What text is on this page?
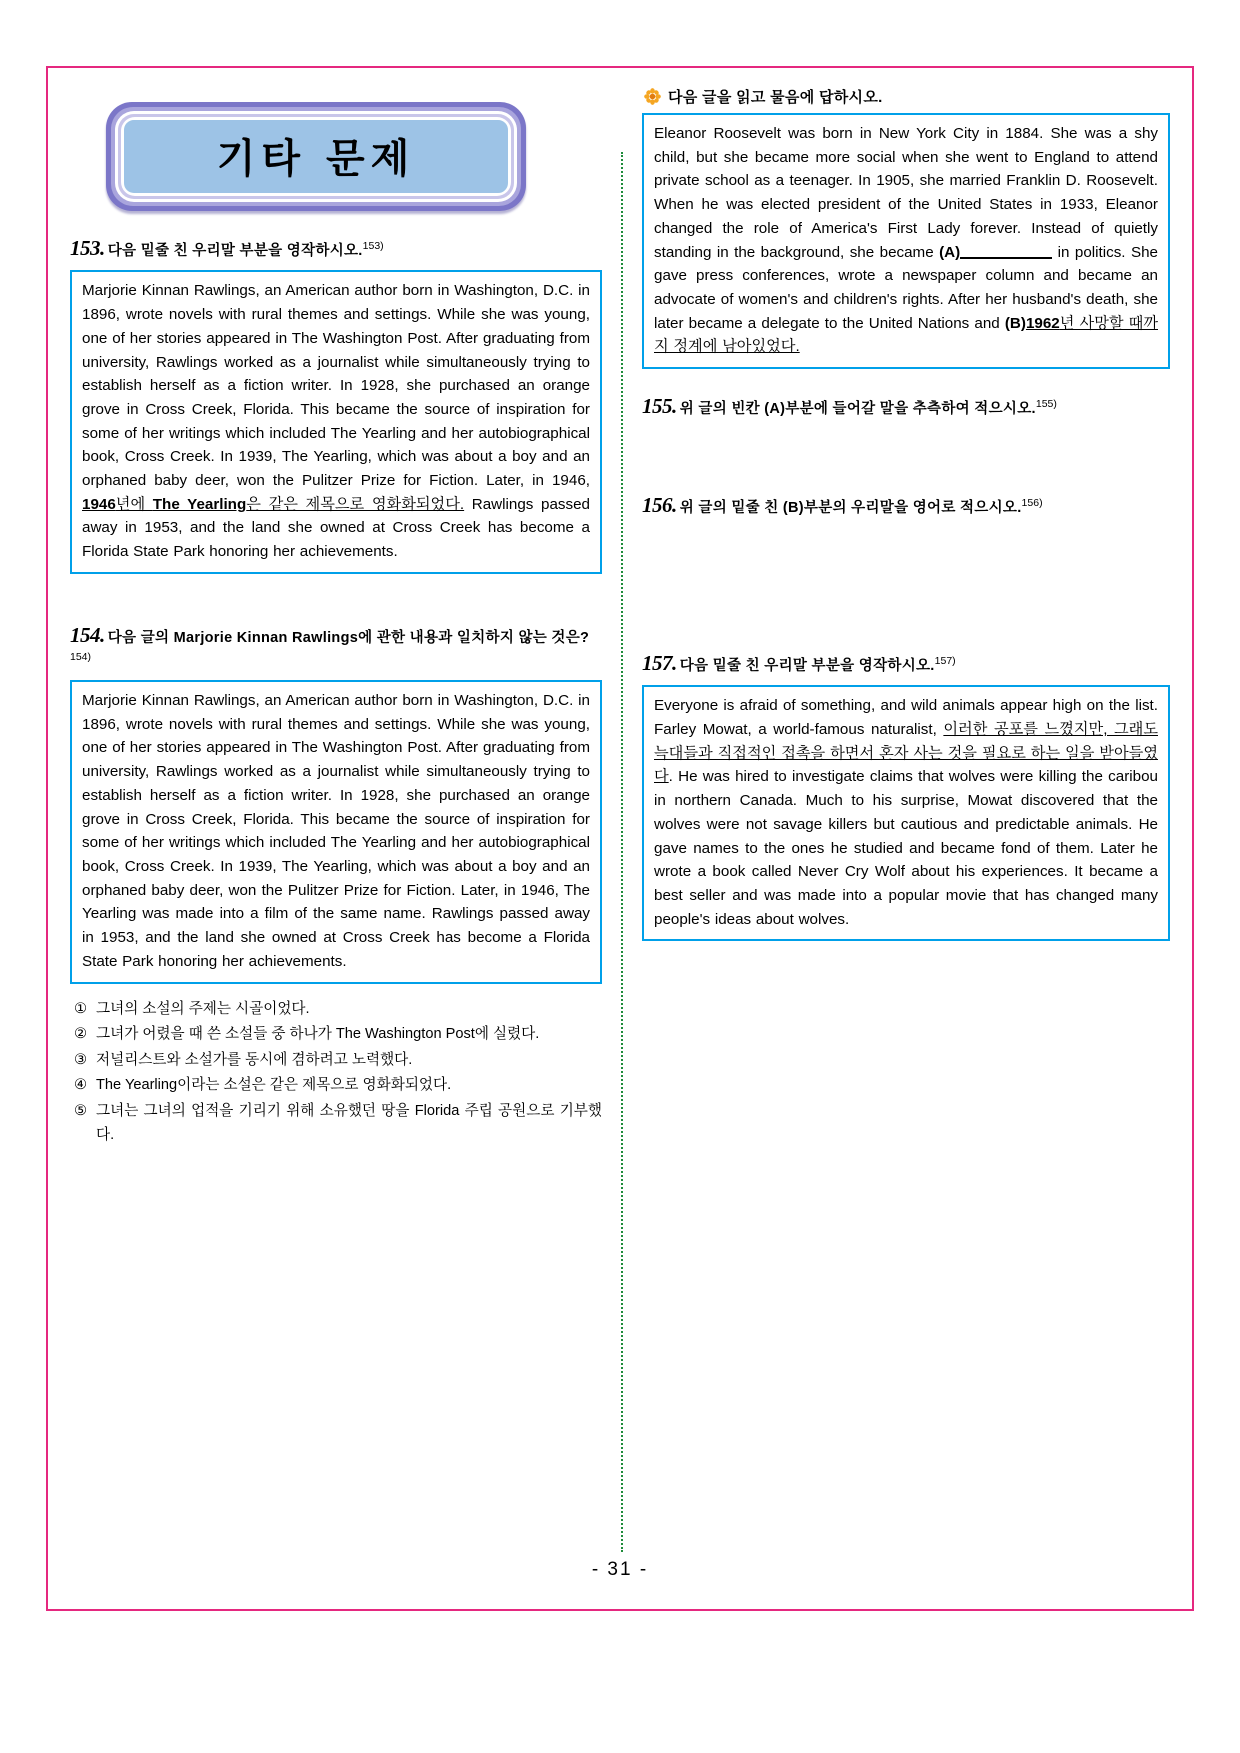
기타 문제
153. 다음 밑줄 친 우리말 부분을 영작하시오.$^{153)}$
Marjorie Kinnan Rawlings, an American author born in Washington, D.C. in 1896, wrote novels with rural themes and settings. While she was young, one of her stories appeared in The Washington Post. After graduating from university, Rawlings worked as a journalist while simultaneously trying to establish herself as a fiction writer. In 1928, she purchased an orange grove in Cross Creek, Florida. This became the source of inspiration for some of her writings which included The Yearling and her autobiographical book, Cross Creek. In 1939, The Yearling, which was about a boy and an orphaned baby deer, won the Pulitzer Prize for Fiction. Later, in 1946, 1946년에 The Yearling은 같은 제목으로 영화화되었다. Rawlings passed away in 1953, and the land she owned at Cross Creek has become a Florida State Park honoring her achievements.
154. 다음 글의 Marjorie Kinnan Rawlings에 관한 내용과 일치하지 않는 것은?$^{154)}$
Marjorie Kinnan Rawlings, an American author born in Washington, D.C. in 1896, wrote novels with rural themes and settings. While she was young, one of her stories appeared in The Washington Post. After graduating from university, Rawlings worked as a journalist while simultaneously trying to establish herself as a fiction writer. In 1928, she purchased an orange grove in Cross Creek, Florida. This became the source of inspiration for some of her writings which included The Yearling and her autobiographical book, Cross Creek. In 1939, The Yearling, which was about a boy and an orphaned baby deer, won the Pulitzer Prize for Fiction. Later, in 1946, The Yearling was made into a film of the same name. Rawlings passed away in 1953, and the land she owned at Cross Creek has become a Florida State Park honoring her achievements.
① 그녀의 소설의 주제는 시골이었다.
② 그녀가 어렸을 때 쓴 소설들 중 하나가 The Washington Post에 실렸다.
③ 저널리스트와 소설가를 동시에 겸하려고 노력했다.
④ The Yearling이라는 소설은 같은 제목으로 영화화되었다.
⑤ 그녀는 그녀의 업적을 기리기 위해 소유했던 땅을 Florida 주립 공원으로 기부했다.
다음 글을 읽고 물음에 답하시오.
Eleanor Roosevelt was born in New York City in 1884. She was a shy child, but she became more social when she went to England to attend private school as a teenager. In 1905, she married Franklin D. Roosevelt. When he was elected president of the United States in 1933, Eleanor changed the role of America's First Lady forever. Instead of quietly standing in the background, she became (A)	in politics. She gave press conferences, wrote a newspaper column and became an advocate of women's and children's rights. After her husband's death, she later became a delegate to the United Nations and (B)1962년 사망할 때까지 정계에 남아있었다.
155. 위 글의 빈칸 (A)부분에 들어갈 말을 추측하여 적으시오.$^{155)}$
156. 위 글의 밑줄 친 (B)부분의 우리말을 영어로 적으시오.$^{156)}$
157. 다음 밑줄 친 우리말 부분을 영작하시오.$^{157)}$
Everyone is afraid of something, and wild animals appear high on the list. Farley Mowat, a world-famous naturalist, 이러한 공포를 느꼈지만, 그래도 늑대들과 직접적인 접촉을 하면서 혼자 사는 것을 필요로 하는 일을 받아들였다. He was hired to investigate claims that wolves were killing the caribou in northern Canada. Much to his surprise, Mowat discovered that the wolves were not savage killers but cautious and predictable animals. He gave names to the ones he studied and became fond of them. Later he wrote a book called Never Cry Wolf about his experiences. It became a best seller and was made into a popular movie that has changed many people's ideas about wolves.
- 31 -
